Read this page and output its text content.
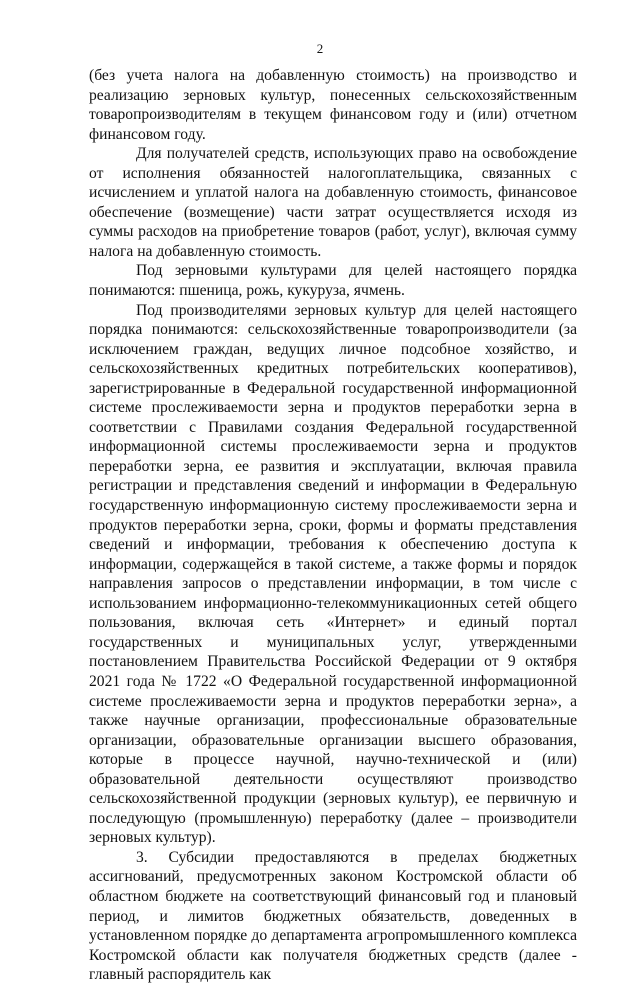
2

(без учета налога на добавленную стоимость) на производство и реализацию зерновых культур, понесенных сельскохозяйственным товаропроизводителям в текущем финансовом году и (или) отчетном финансовом году.

Для получателей средств, использующих право на освобождение от исполнения обязанностей налогоплательщика, связанных с исчислением и уплатой налога на добавленную стоимость, финансовое обеспечение (возмещение) части затрат осуществляется исходя из суммы расходов на приобретение товаров (работ, услуг), включая сумму налога на добавленную стоимость.

Под зерновыми культурами для целей настоящего порядка понимаются: пшеница, рожь, кукуруза, ячмень.

Под производителями зерновых культур для целей настоящего порядка понимаются: сельскохозяйственные товаропроизводители (за исключением граждан, ведущих личное подсобное хозяйство, и сельскохозяйственных кредитных потребительских кооперативов), зарегистрированные в Федеральной государственной информационной системе прослеживаемости зерна и продуктов переработки зерна в соответствии с Правилами создания Федеральной государственной информационной системы прослеживаемости зерна и продуктов переработки зерна, ее развития и эксплуатации, включая правила регистрации и представления сведений и информации в Федеральную государственную информационную систему прослеживаемости зерна и продуктов переработки зерна, сроки, формы и форматы представления сведений и информации, требования к обеспечению доступа к информации, содержащейся в такой системе, а также формы и порядок направления запросов о представлении информации, в том числе с использованием информационно-телекоммуникационных сетей общего пользования, включая сеть «Интернет» и единый портал государственных и муниципальных услуг, утвержденными постановлением Правительства Российской Федерации от 9 октября 2021 года № 1722 «О Федеральной государственной информационной системе прослеживаемости зерна и продуктов переработки зерна», а также научные организации, профессиональные образовательные организации, образовательные организации высшего образования, которые в процессе научной, научно-технической и (или) образовательной деятельности осуществляют производство сельскохозяйственной продукции (зерновых культур), ее первичную и последующую (промышленную) переработку (далее – производители зерновых культур).

3. Субсидии предоставляются в пределах бюджетных ассигнований, предусмотренных законом Костромской области об областном бюджете на соответствующий финансовый год и плановый период, и лимитов бюджетных обязательств, доведенных в установленном порядке до департамента агропромышленного комплекса Костромской области как получателя бюджетных средств (далее - главный распорядитель как
